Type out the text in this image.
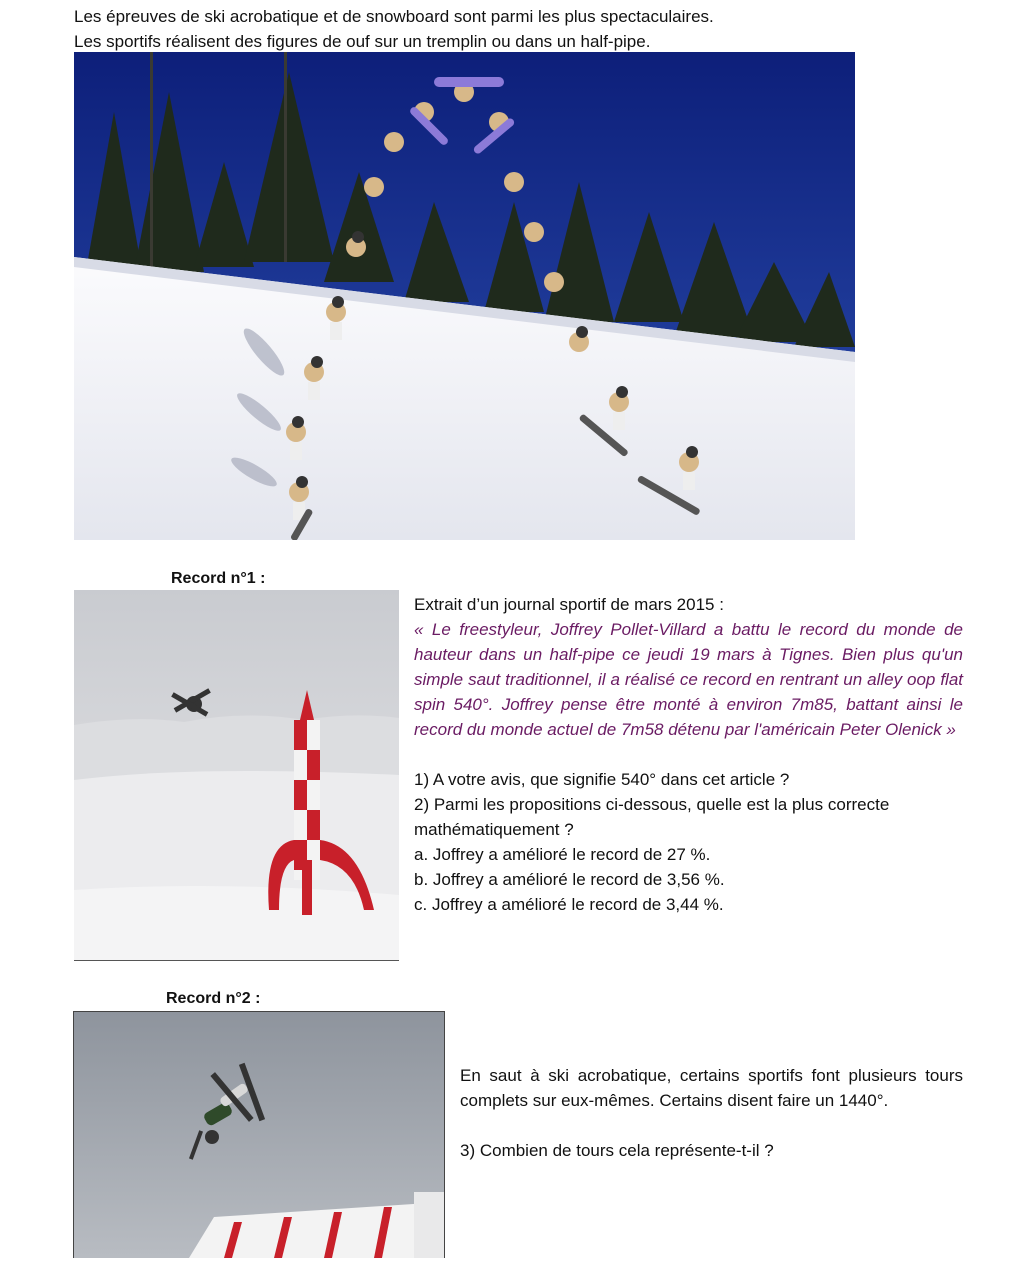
Les épreuves de ski acrobatique et de snowboard sont parmi les plus spectaculaires.
Les sportifs réalisent des figures de ouf sur un tremplin ou dans un half-pipe.
Record n°1 :
Extrait d’un journal sportif de mars 2015 :
« Le freestyleur, Joffrey Pollet-Villard a battu le record du monde de hauteur dans un half-pipe ce jeudi 19 mars à Tignes. Bien plus qu'un simple saut traditionnel, il a réalisé ce record en rentrant un alley oop flat spin 540°. Joffrey pense être monté à environ 7m85, battant ainsi le record du monde actuel de 7m58 détenu par l'américain Peter Olenick »
1) A votre avis, que signifie 540° dans cet article ?
2) Parmi les propositions ci-dessous, quelle est la plus correcte mathématiquement ?
a. Joffrey a amélioré le record de 27 %.
b. Joffrey a amélioré le record de 3,56 %.
c. Joffrey a amélioré le record de 3,44 %.
Record n°2 :
En saut à ski acrobatique, certains sportifs font plusieurs tours complets sur eux-mêmes. Certains disent faire un 1440°.
3) Combien de tours cela représente-t-il ?
